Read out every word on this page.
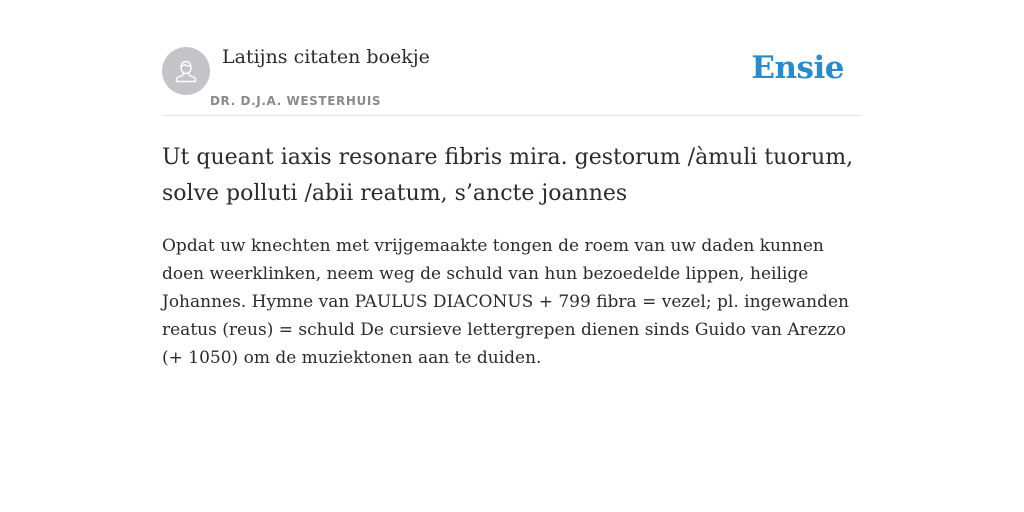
Latijns citaten boekje
DR. D.J.A. WESTERHUIS
Ensie
Ut queant iaxis resonare fibris mira. gestorum /àmuli tuorum, solve polluti /abii reatum, s’ancte joannes

Opdat uw knechten met vrijgemaakte tongen de roem van uw daden kunnen doen weerklinken, neem weg de schuld van hun bezoedelde lippen, heilige Johannes. Hymne van PAULUS DIACONUS + 799 fibra = vezel; pl. ingewanden reatus (reus) = schuld De cursieve lettergrepen dienen sinds Guido van Arezzo (+ 1050) om de muziektonen aan te duiden.
